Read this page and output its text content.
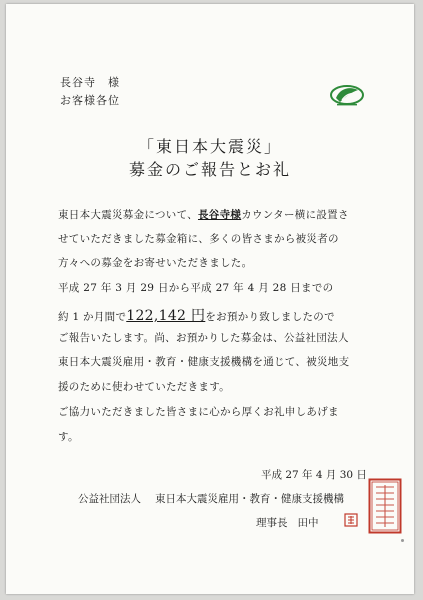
長谷寺　様
お客様各位
「東日本大震災」
募金のご報告とお礼
東日本大震災募金について、長谷寺様カウンター横に設置さ
せていただきました募金箱に、多くの皆さまから被災者の
方々への募金をお寄せいただきました。
平成 27 年 3 月 29 日から平成 27 年 4 月 28 日までの
約 1 か月間で122,142 円をお預かり致しましたので
ご報告いたします。尚、お預かりした募金は、公益社団法人
東日本大震災雇用・教育・健康支援機構を通じて、被災地支
援のために使わせていただきます。
ご協力いただきました皆さまに心から厚くお礼申しあげま
す。
平成 27 年 4 月 30 日
公益社団法人 東日本大震災雇用・教育・健康支援機構
理事長 田中
